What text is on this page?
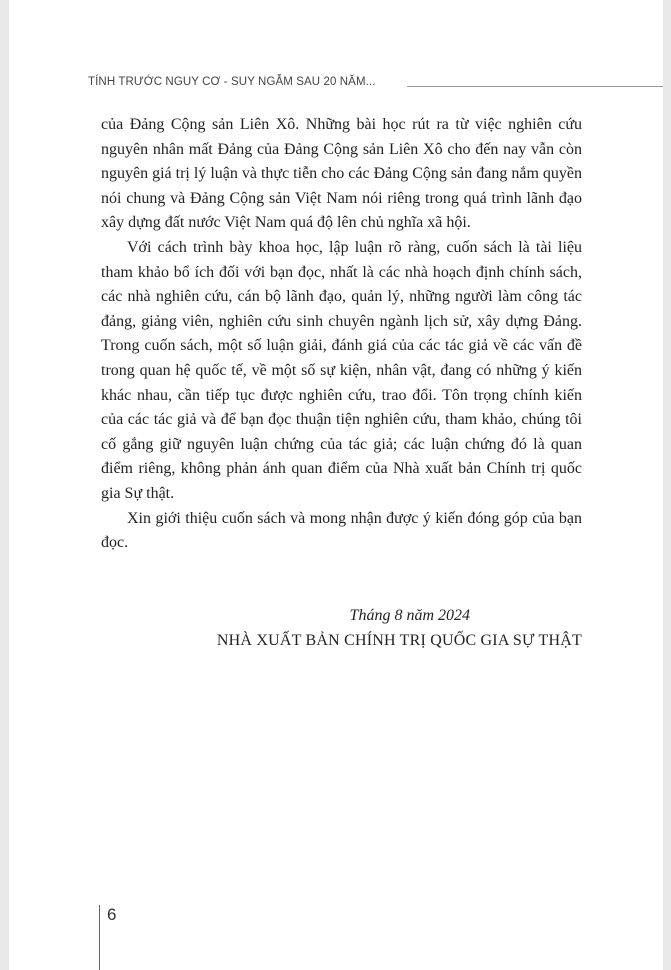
TÍNH TRƯỚC NGUY CƠ - SUY NGẪM SAU 20 NĂM...

của Đảng Cộng sản Liên Xô. Những bài học rút ra từ việc nghiên cứu nguyên nhân mất Đảng của Đảng Cộng sản Liên Xô cho đến nay vẫn còn nguyên giá trị lý luận và thực tiễn cho các Đảng Cộng sản đang nắm quyền nói chung và Đảng Cộng sản Việt Nam nói riêng trong quá trình lãnh đạo xây dựng đất nước Việt Nam quá độ lên chủ nghĩa xã hội.

Với cách trình bày khoa học, lập luận rõ ràng, cuốn sách là tài liệu tham khảo bổ ích đối với bạn đọc, nhất là các nhà hoạch định chính sách, các nhà nghiên cứu, cán bộ lãnh đạo, quản lý, những người làm công tác đảng, giảng viên, nghiên cứu sinh chuyên ngành lịch sử, xây dựng Đảng. Trong cuốn sách, một số luận giải, đánh giá của các tác giả về các vấn đề trong quan hệ quốc tế, về một số sự kiện, nhân vật, đang có những ý kiến khác nhau, cần tiếp tục được nghiên cứu, trao đổi. Tôn trọng chính kiến của các tác giả và để bạn đọc thuận tiện nghiên cứu, tham khảo, chúng tôi cố gắng giữ nguyên luận chứng của tác giả; các luận chứng đó là quan điểm riêng, không phản ánh quan điểm của Nhà xuất bản Chính trị quốc gia Sự thật.

Xin giới thiệu cuốn sách và mong nhận được ý kiến đóng góp của bạn đọc.

Tháng 8 năm 2024
NHÀ XUẤT BẢN CHÍNH TRỊ QUỐC GIA SỰ THẬT
6
